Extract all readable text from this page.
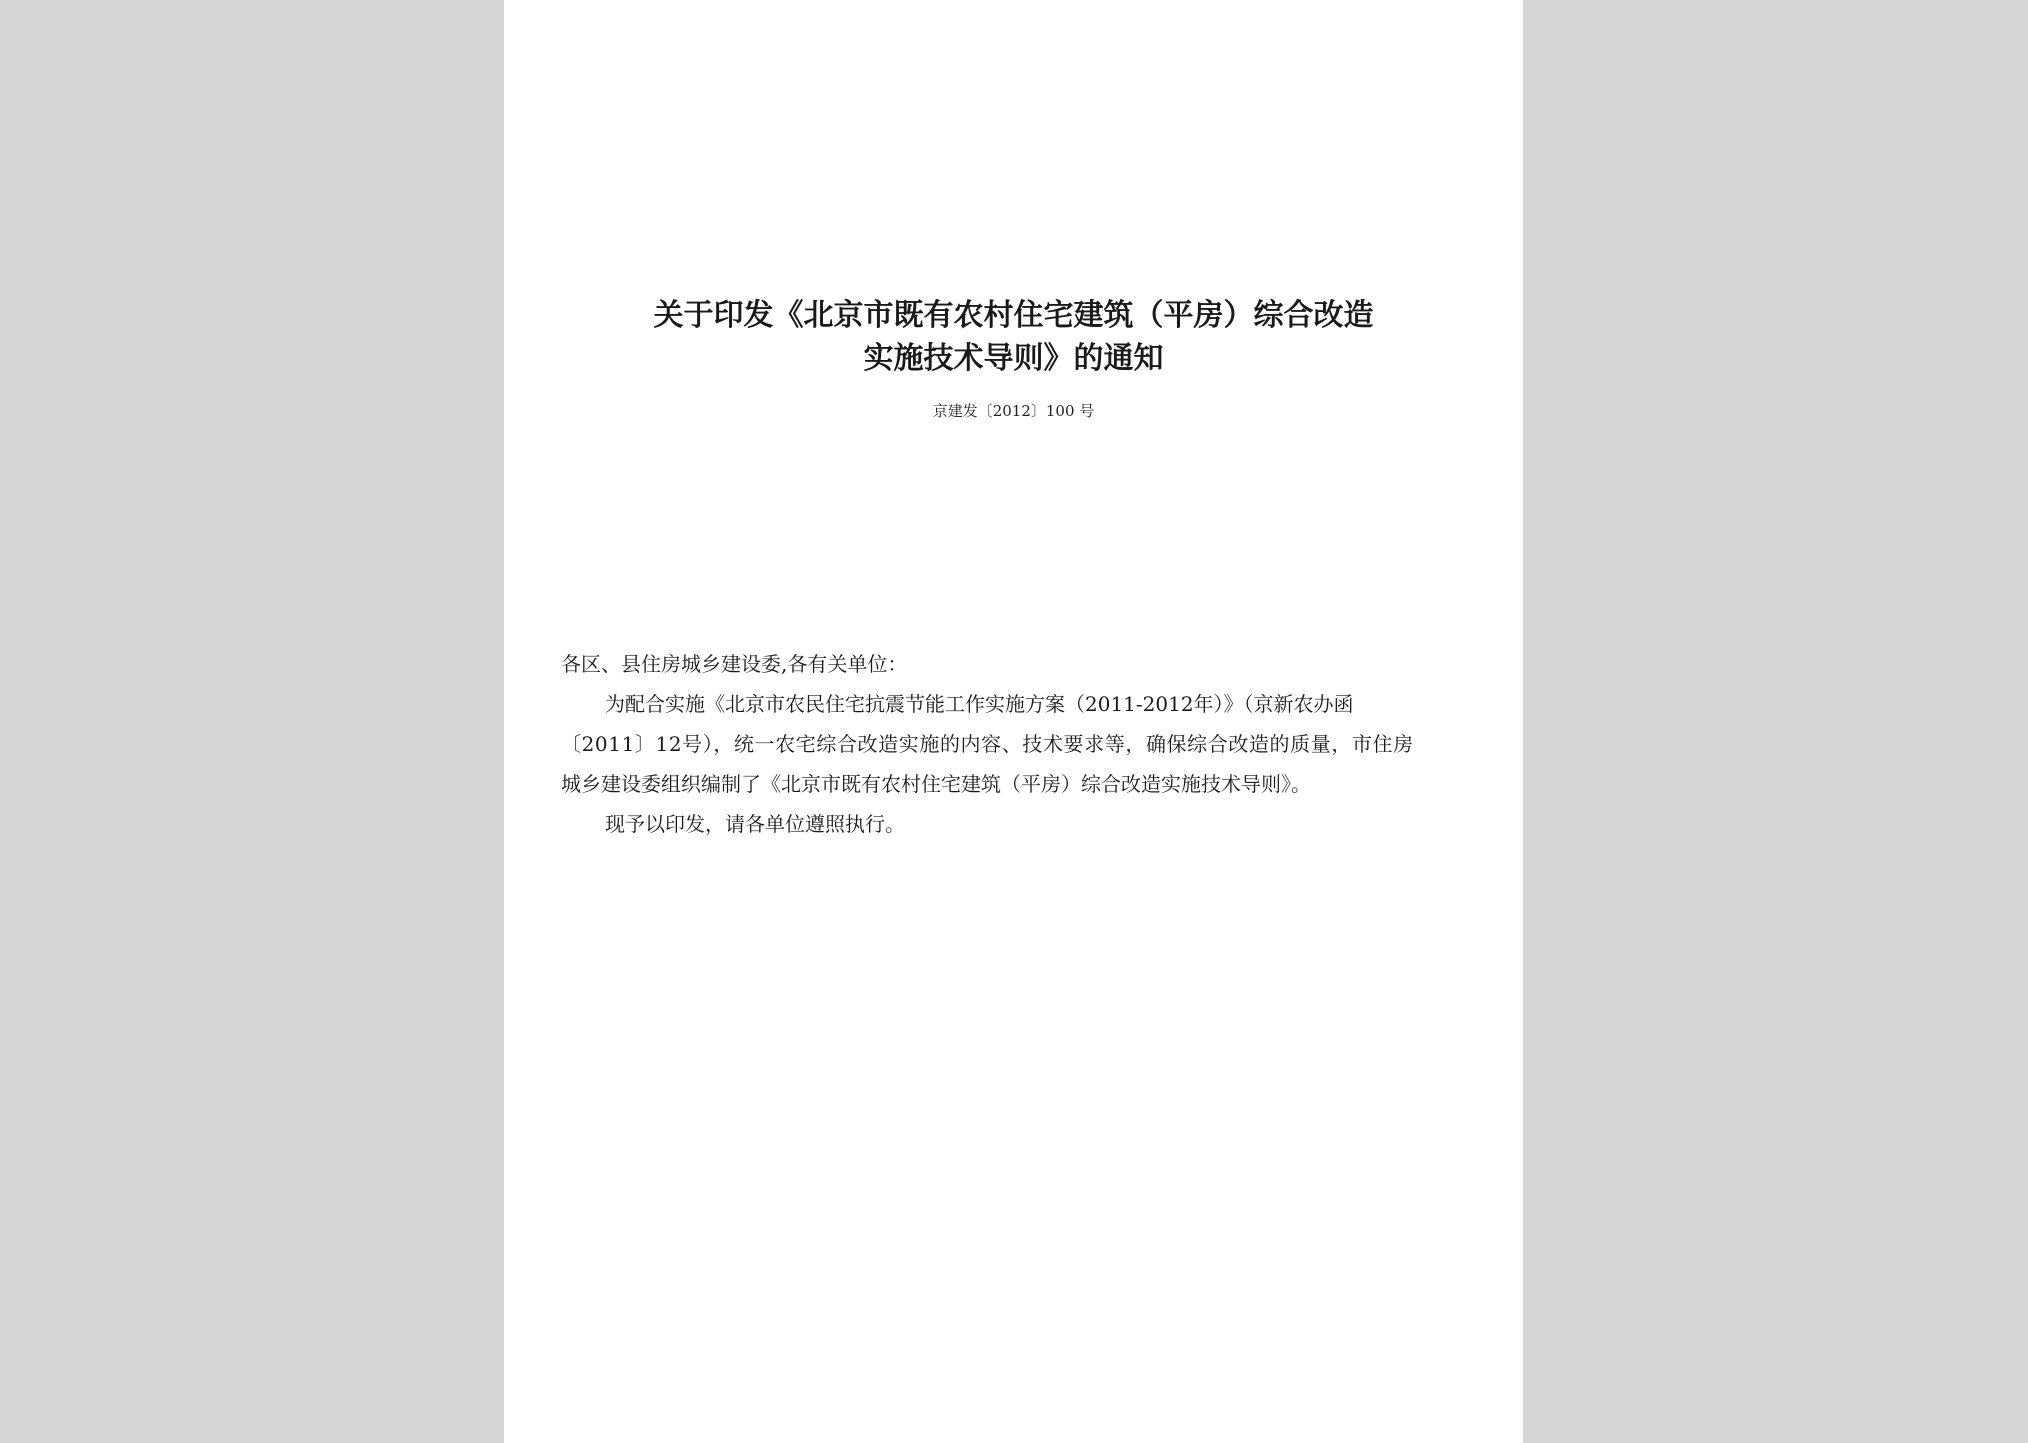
关于印发《北京市既有农村住宅建筑（平房）综合改造
实施技术导则》的通知
京建发〔2012〕100 号
各区、县住房城乡建设委,各有关单位：
为配合实施《北京市农民住宅抗震节能工作实施方案（2011-2012年）》（京新农办函
〔2011〕12号），统一农宅综合改造实施的内容、技术要求等，确保综合改造的质量，市住房
城乡建设委组织编制了《北京市既有农村住宅建筑（平房）综合改造实施技术导则》。
现予以印发，请各单位遵照执行。
